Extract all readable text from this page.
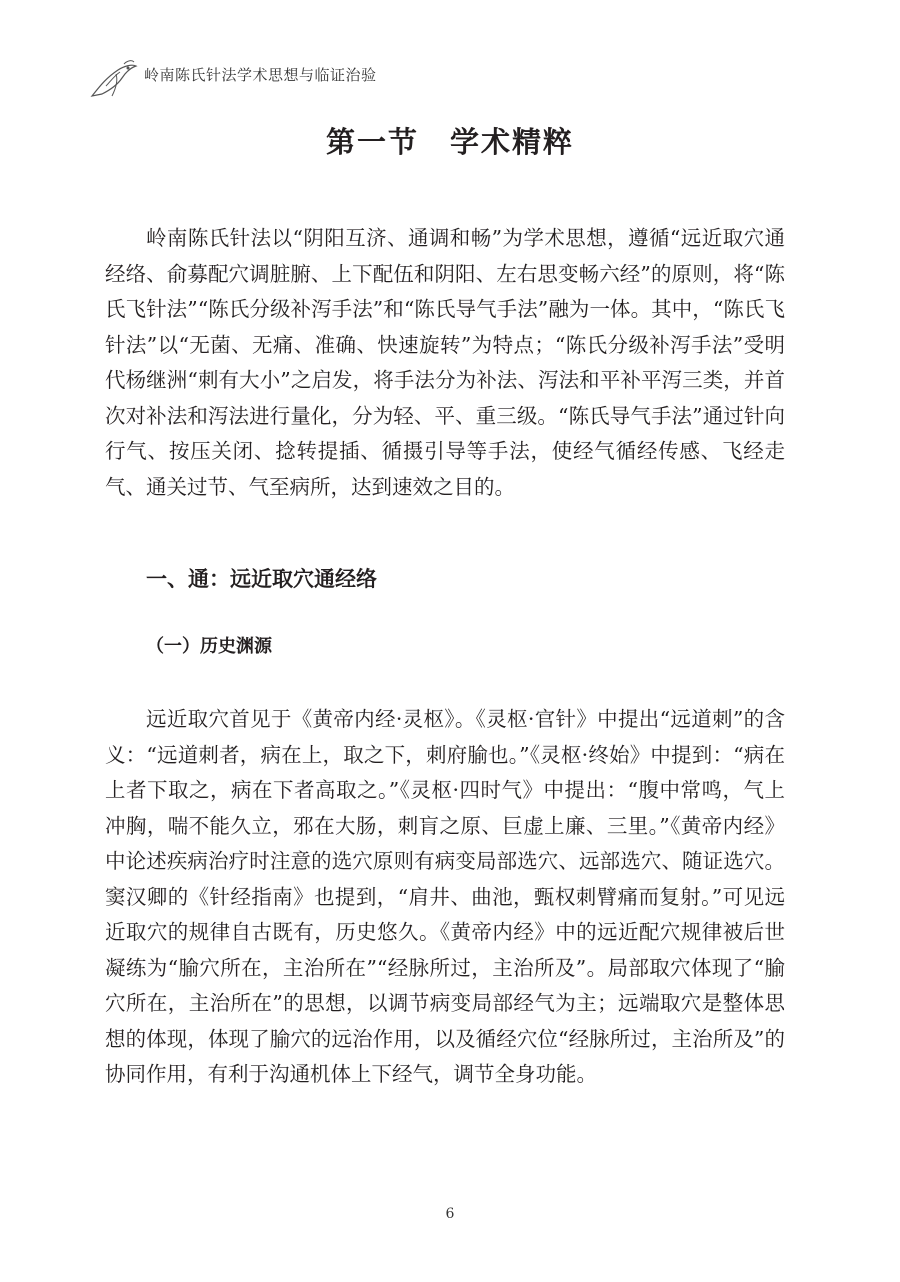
岭南陈氏针法学术思想与临证治验
第一节　学术精粹

岭南陈氏针法以“阴阳互济、通调和畅”为学术思想，遵循“远近取穴通经络、俞募配穴调脏腑、上下配伍和阴阳、左右思变畅六经”的原则，将“陈氏飞针法”“陈氏分级补泻手法”和“陈氏导气手法”融为一体。其中，“陈氏飞针法”以“无菌、无痛、准确、快速旋转”为特点；“陈氏分级补泻手法”受明代杨继洲“刺有大小”之启发，将手法分为补法、泻法和平补平泻三类，并首次对补法和泻法进行量化，分为轻、平、重三级。“陈氏导气手法”通过针向行气、按压关闭、捻转提插、循摄引导等手法，使经气循经传感、飞经走气、通关过节、气至病所，达到速效之目的。

一、通：远近取穴通经络
（一）历史渊源

远近取穴首见于《黄帝内经·灵枢》。《灵枢·官针》中提出“远道刺”的含义：“远道刺者，病在上，取之下，刺府腧也。”《灵枢·终始》中提到：“病在上者下取之，病在下者高取之。”《灵枢·四时气》中提出：“腹中常鸣，气上冲胸，喘不能久立，邪在大肠，刺肓之原、巨虚上廉、三里。”《黄帝内经》中论述疾病治疗时注意的选穴原则有病变局部选穴、远部选穴、随证选穴。窦汉卿的《针经指南》也提到，“肩井、曲池，甄权刺臂痛而复射。”可见远近取穴的规律自古既有，历史悠久。《黄帝内经》中的远近配穴规律被后世凝练为“腧穴所在，主治所在”“经脉所过，主治所及”。局部取穴体现了“腧穴所在，主治所在”的思想，以调节病变局部经气为主；远端取穴是整体思想的体现，体现了腧穴的远治作用，以及循经穴位“经脉所过，主治所及”的协同作用，有利于沟通机体上下经气，调节全身功能。

6
